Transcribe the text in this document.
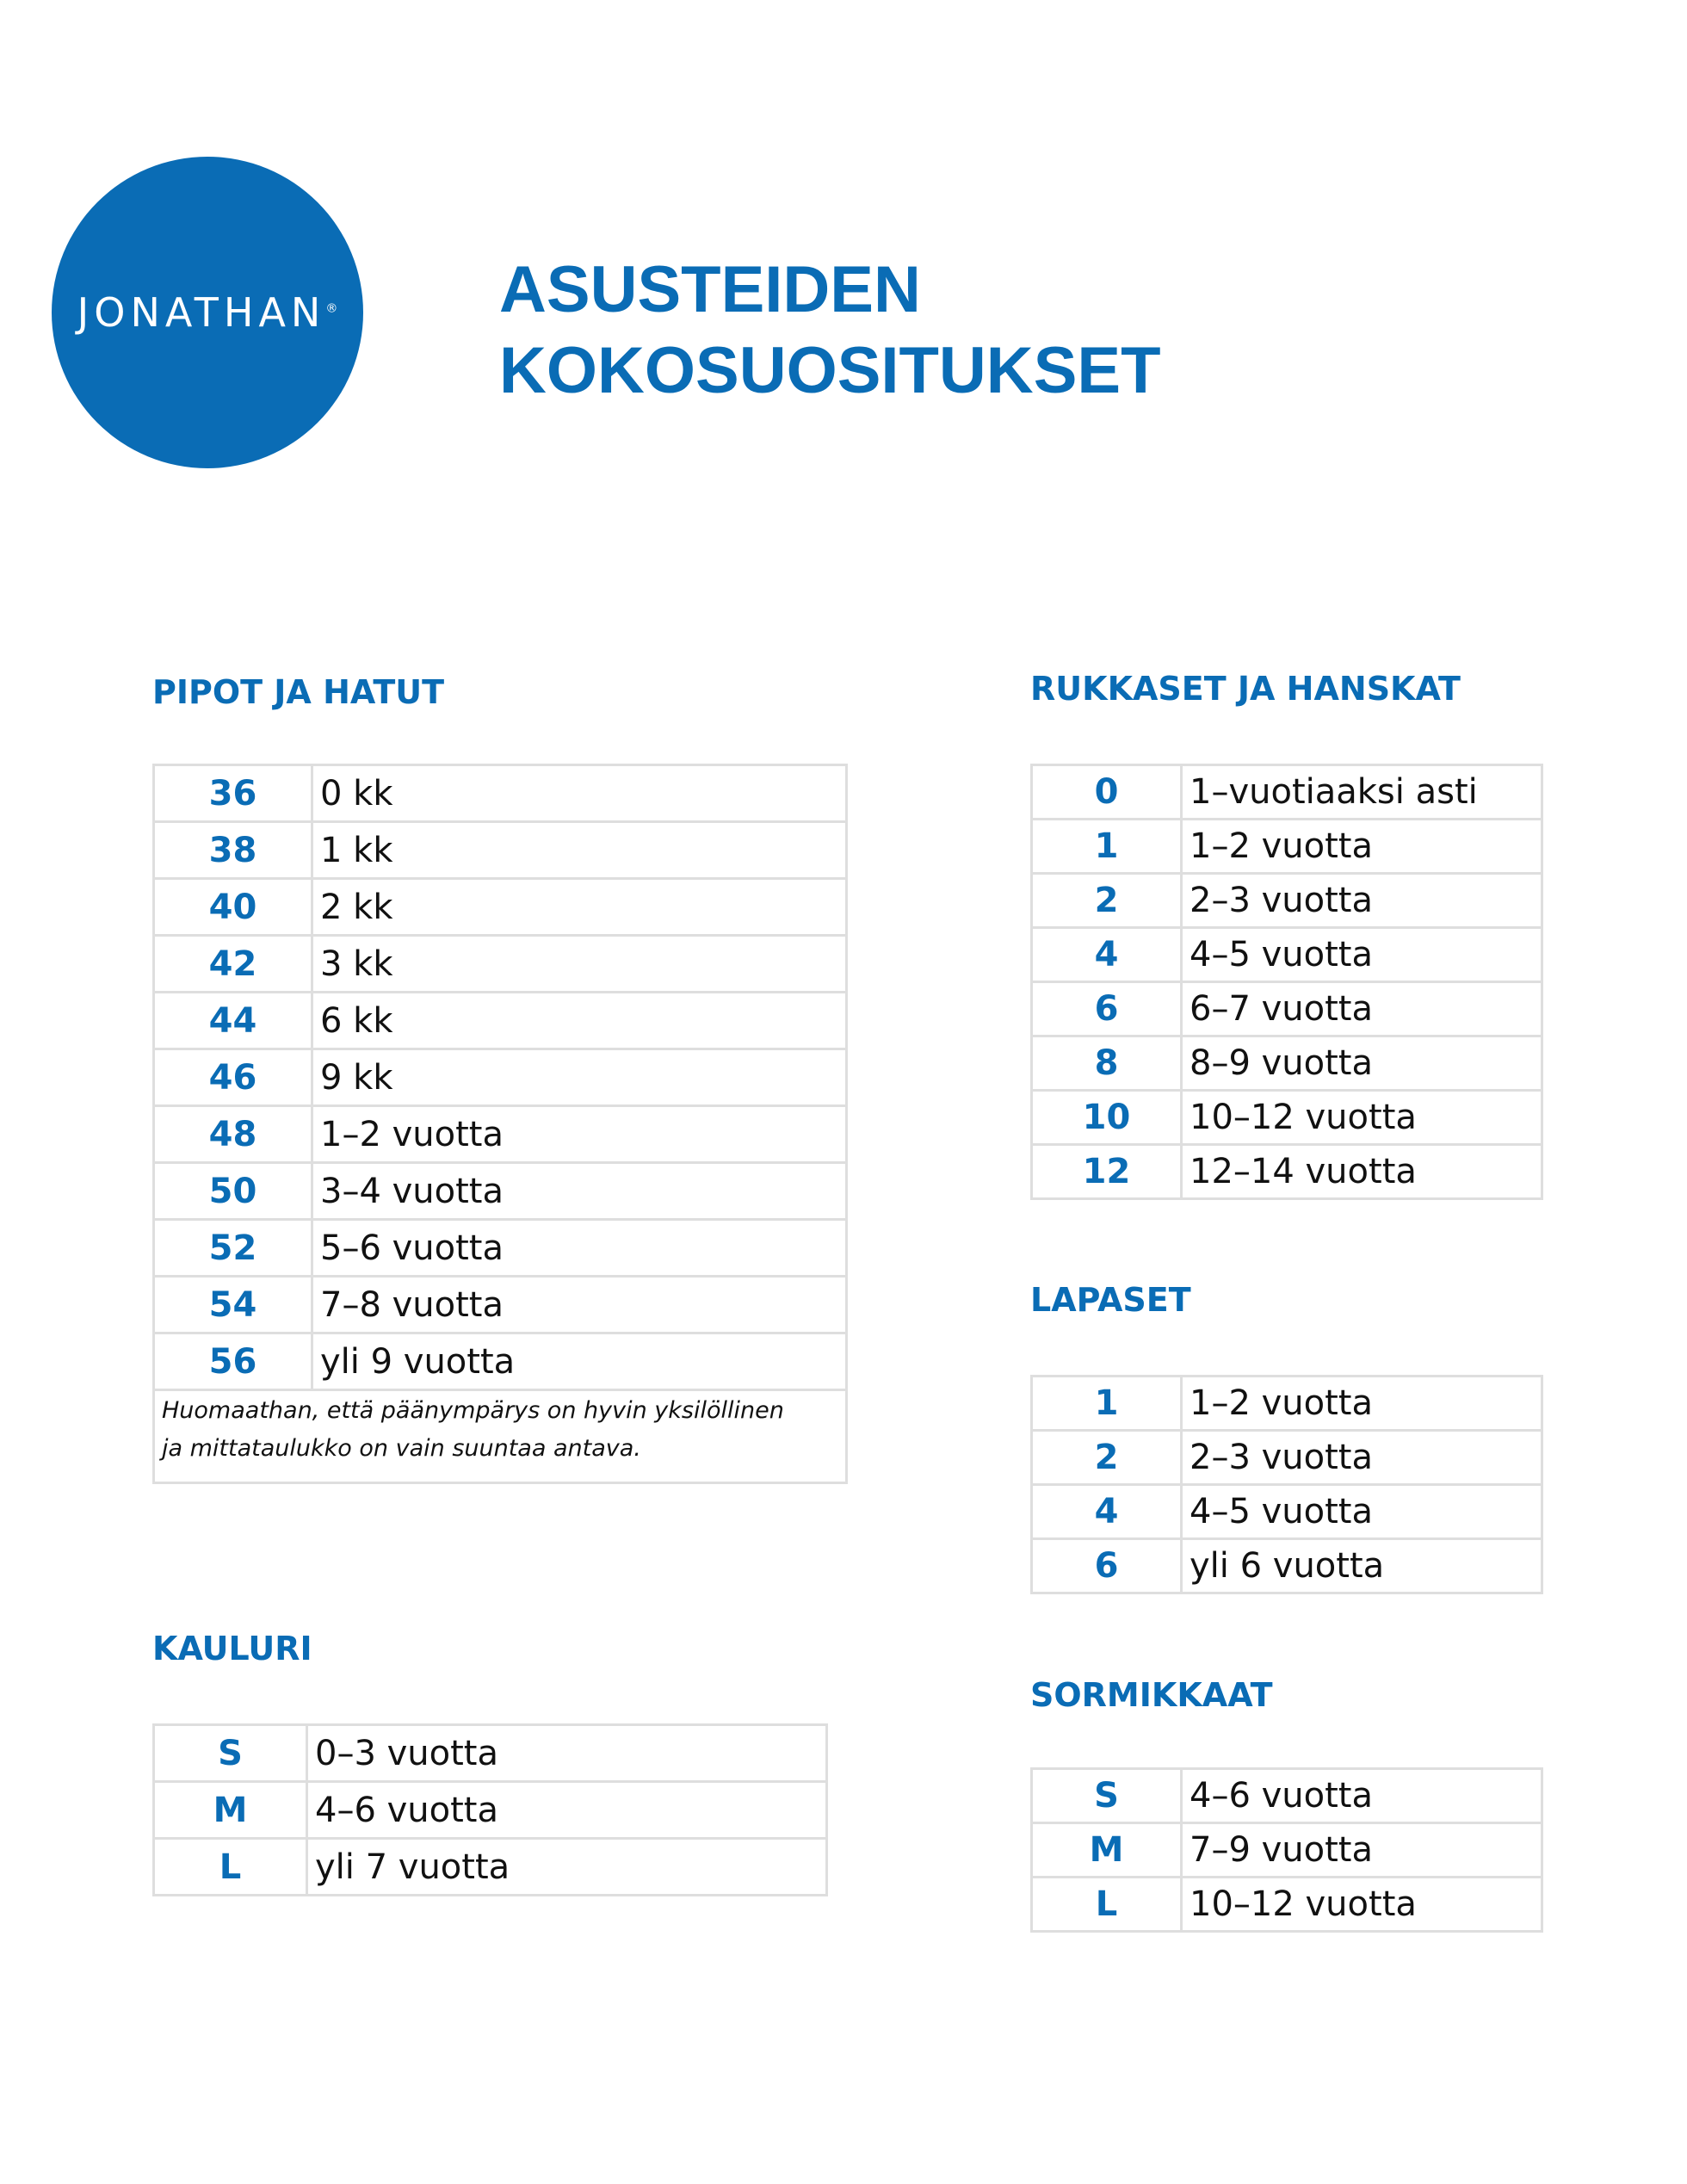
JONATHAN® ASUSTEIDEN
KOKOSUOSITUKSET
PIPOT JA HATUT
36	0 kk
38	1 kk
40	2 kk
42	3 kk
44	6 kk
46	9 kk
48	1–2 vuotta
50	3–4 vuotta
52	5–6 vuotta
54	7–8 vuotta
56	yli 9 vuotta
Huomaathan, että päänympärys on hyvin yksilöllinen
ja mittataulukko on vain suuntaa antava.
KAULURI
S	0–3 vuotta
M	4–6 vuotta
L	yli 7 vuotta
RUKKASET JA HANSKAT
0	1–vuotiaaksi asti
1	1–2 vuotta
2	2–3 vuotta
4	4–5 vuotta
6	6–7 vuotta
8	8–9 vuotta
10	10–12 vuotta
12	12–14 vuotta
LAPASET
1	1–2 vuotta
2	2–3 vuotta
4	4–5 vuotta
6	yli 6 vuotta
SORMIKKAAT
S	4–6 vuotta
M	7–9 vuotta
L	10–12 vuotta
